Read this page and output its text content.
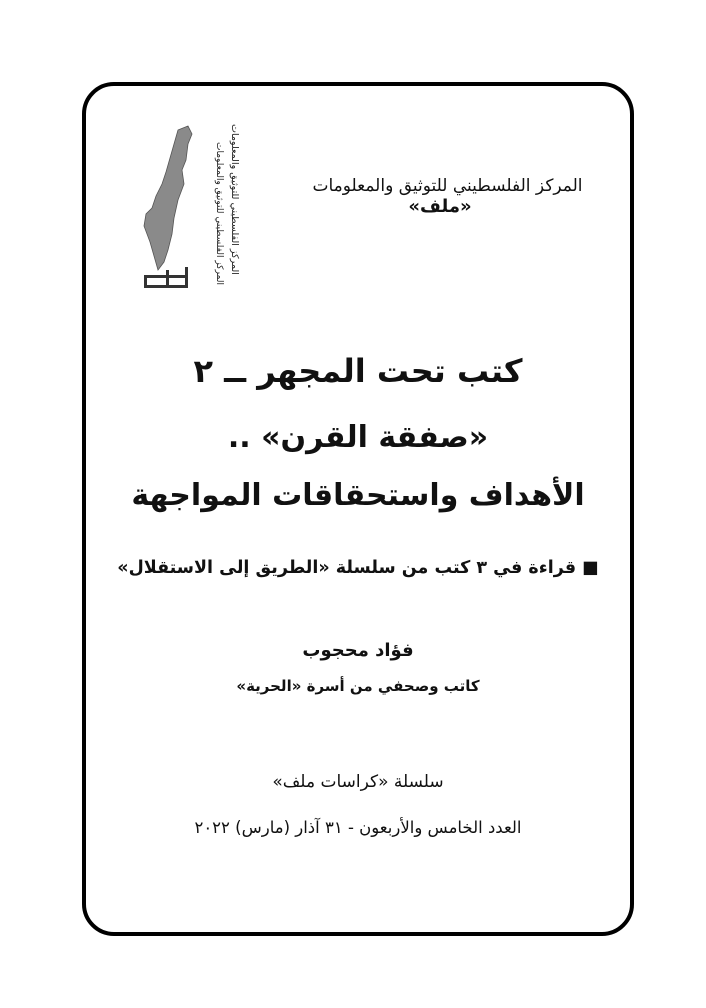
المركز الفلسطيني للتوثيق والمعلومات
المركز الفلسطيني للتوثيق والمعلومات	المركز الفلسطيني للتوثيق والمعلومات
«ملف»
كتب تحت المجهر ــ ٢
«صفقة القرن» ..
الأهداف واستحقاقات المواجهة
■ قراءة في ٣ كتب من سلسلة «الطريق إلى الاستقلال»
فؤاد محجوب
كاتب وصحفي من أسرة «الحرية»
سلسلة «كراسات ملف»
العدد الخامس والأربعون - ٣١ آذار (مارس) ٢٠٢٢
